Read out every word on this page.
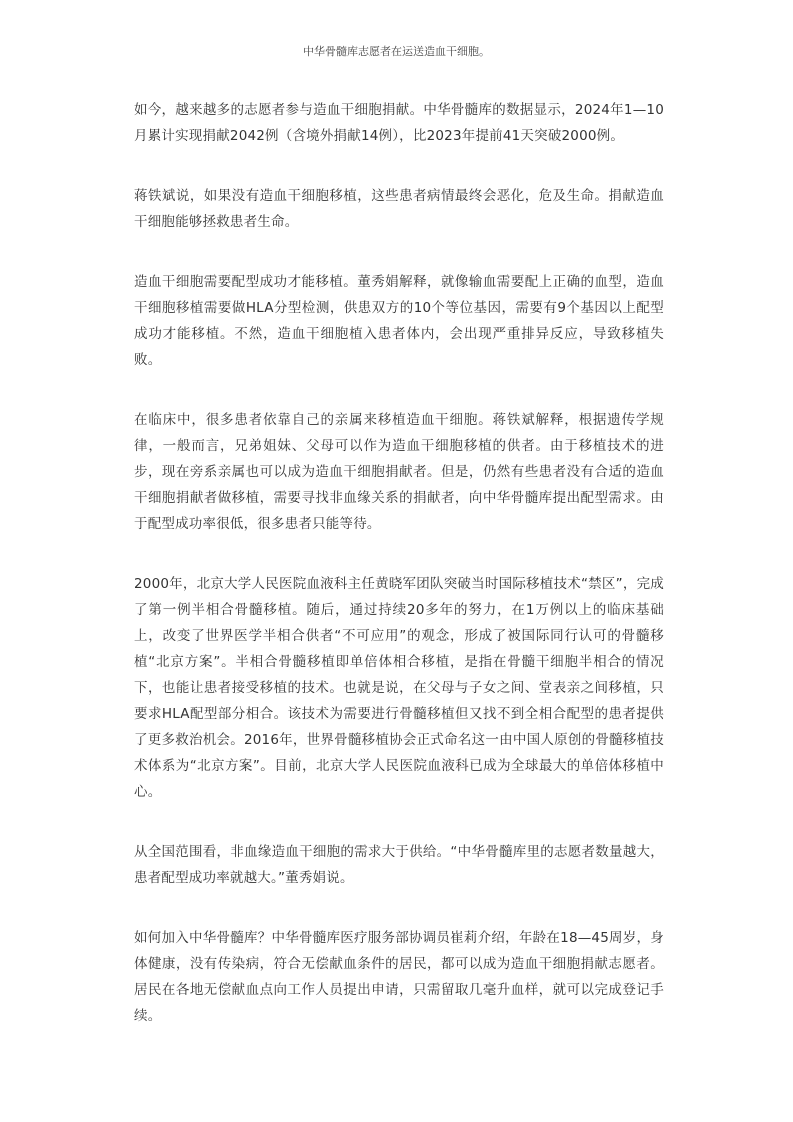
中华骨髓库志愿者在运送造血干细胞。

如今，越来越多的志愿者参与造血干细胞捐献。中华骨髓库的数据显示，2024年1—10月累计实现捐献2042例（含境外捐献14例），比2023年提前41天突破2000例。

蒋铁斌说，如果没有造血干细胞移植，这些患者病情最终会恶化，危及生命。捐献造血干细胞能够拯救患者生命。

造血干细胞需要配型成功才能移植。董秀娟解释，就像输血需要配上正确的血型，造血干细胞移植需要做HLA分型检测，供患双方的10个等位基因，需要有9个基因以上配型成功才能移植。不然，造血干细胞植入患者体内，会出现严重排异反应，导致移植失败。

在临床中，很多患者依靠自己的亲属来移植造血干细胞。蒋铁斌解释，根据遗传学规律，一般而言，兄弟姐妹、父母可以作为造血干细胞移植的供者。由于移植技术的进步，现在旁系亲属也可以成为造血干细胞捐献者。但是，仍然有些患者没有合适的造血干细胞捐献者做移植，需要寻找非血缘关系的捐献者，向中华骨髓库提出配型需求。由于配型成功率很低，很多患者只能等待。

2000年，北京大学人民医院血液科主任黄晓军团队突破当时国际移植技术“禁区”，完成了第一例半相合骨髓移植。随后，通过持续20多年的努力，在1万例以上的临床基础上，改变了世界医学半相合供者“不可应用”的观念，形成了被国际同行认可的骨髓移植“北京方案”。半相合骨髓移植即单倍体相合移植，是指在骨髓干细胞半相合的情况下，也能让患者接受移植的技术。也就是说，在父母与子女之间、堂表亲之间移植，只要求HLA配型部分相合。该技术为需要进行骨髓移植但又找不到全相合配型的患者提供了更多救治机会。2016年，世界骨髓移植协会正式命名这一由中国人原创的骨髓移植技术体系为“北京方案”。目前，北京大学人民医院血液科已成为全球最大的单倍体移植中心。

从全国范围看，非血缘造血干细胞的需求大于供给。“中华骨髓库里的志愿者数量越大，患者配型成功率就越大。”董秀娟说。

如何加入中华骨髓库？中华骨髓库医疗服务部协调员崔莉介绍，年龄在18—45周岁，身体健康，没有传染病，符合无偿献血条件的居民，都可以成为造血干细胞捐献志愿者。居民在各地无偿献血点向工作人员提出申请，只需留取几毫升血样，就可以完成登记手续。
